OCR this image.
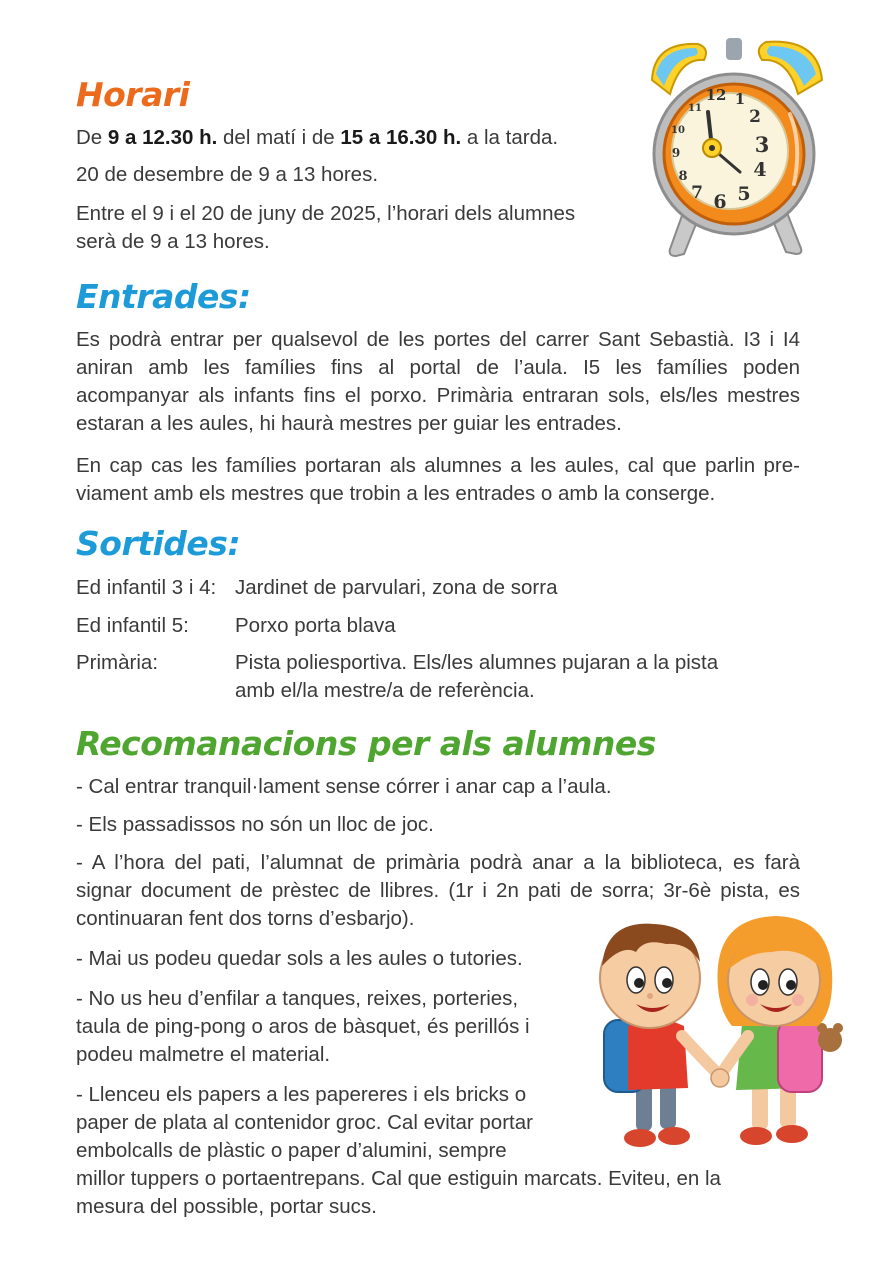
Horari

De 9 a 12.30 h. del matí i de 15 a 16.30 h. a la tarda.

20 de desembre de 9 a 13 hores.

Entre el 9 i el 20 de juny de 2025, l’horari dels alumnes

serà de 9 a 13 hores.

12 1
2
3
4
5
6
7
8
9
10
11
Entrades:

Es podrà entrar per qualsevol de les portes del carrer Sant Sebastià. I3 i I4 aniran amb les famílies fins al portal de l’aula. I5 les famílies poden acompanyar als infants fins el porxo. Primària entraran sols, els/les mestres estaran a les aules, hi haurà mestres per guiar les entrades.

En cap cas les famílies portaran als alumnes a les aules, cal que parlin pre-viament amb els mestres que trobin a les entrades o amb la conserge.

Sortides:
Ed infantil 3 i 4: Jardinet de parvulari, zona de sorra
Ed infantil 5: Porxo porta blava
Primària:	Pista poliesportiva. Els/les alumnes pujaran a la pista
amb el/la mestre/a de referència.
Recomanacions per als alumnes

- Cal entrar tranquil·lament sense córrer i anar cap a l’aula.

- Els passadissos no són un lloc de joc.

- A l’hora del pati, l’alumnat de primària podrà anar a la biblioteca, es farà signar document de prèstec de llibres. (1r i 2n pati de sorra; 3r-6è pista, es continuaran fent dos torns d’esbarjo).

- Mai us podeu quedar sols a les aules o tutories.

- No us heu d’enfilar a tanques, reixes, porteries,

taula de ping-pong o aros de bàsquet, és perillós i

podeu malmetre el material.

- Llenceu els papers a les papereres i els bricks o

paper de plata al contenidor groc. Cal evitar portar

embolcalls de plàstic o paper d’alumini, sempre

millor tuppers o portaentrepans. Cal que estiguin marcats. Eviteu, en la

mesura del possible, portar sucs.
